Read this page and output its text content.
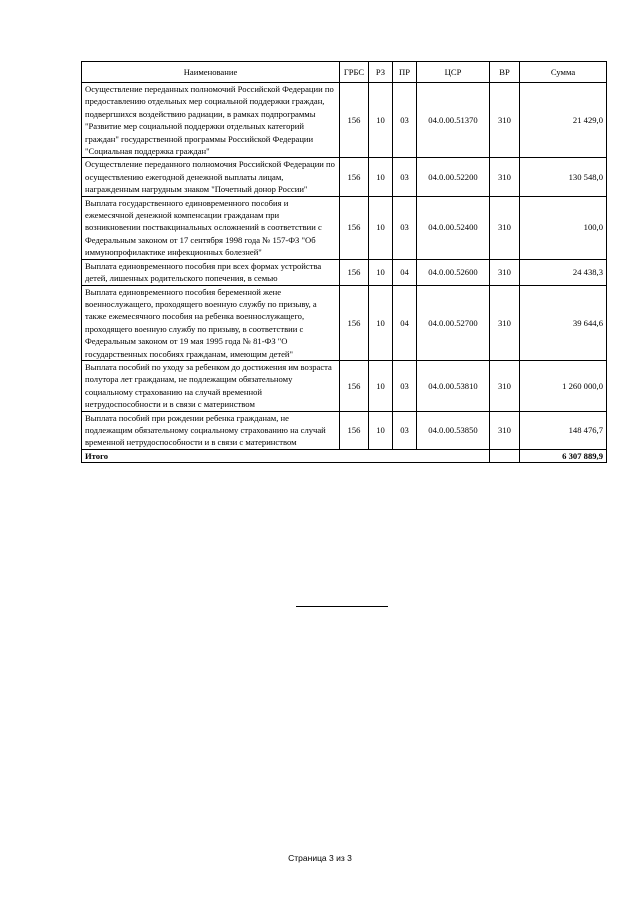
Наименование	ГРБС	РЗ	ПР	ЦСР	ВР	Сумма
Осуществление переданных полномочий Российской Федерации по предоставлению отдельных мер социальной поддержки граждан, подвергшихся воздействию радиации, в рамках подпрограммы "Развитие мер социальной поддержки отдельных категорий граждан" государственной программы Российской Федерации "Социальная поддержка граждан"	156	10	03	04.0.00.51370	310	21 429,0
Осуществление переданного полномочия Российской Федерации по осуществлению ежегодной денежной выплаты лицам, награжденным нагрудным знаком "Почетный донор России"	156	10	03	04.0.00.52200	310	130 548,0
Выплата государственного единовременного пособия и ежемесячной денежной компенсации гражданам при возникновении поствакцинальных осложнений в соответствии с Федеральным законом от 17 сентября 1998 года № 157-ФЗ "Об иммунопрофилактике инфекционных болезней"	156	10	03	04.0.00.52400	310	100,0
Выплата единовременного пособия при всех формах устройства детей, лишенных родительского попечения, в семью	156	10	04	04.0.00.52600	310	24 438,3
Выплата единовременного пособия беременной жене военнослужащего, проходящего военную службу по призыву, а также ежемесячного пособия на ребенка военнослужащего, проходящего военную службу по призыву, в соответствии с Федеральным законом от 19 мая 1995 года № 81-ФЗ "О государственных пособиях гражданам, имеющим детей"	156	10	04	04.0.00.52700	310	39 644,6
Выплата пособий по уходу за ребенком до достижения им возраста полутора лет гражданам, не подлежащим обязательному социальному страхованию на случай временной нетрудоспособности и в связи с материнством	156	10	03	04.0.00.53810	310	1 260 000,0
Выплата пособий при рождении ребенка гражданам, не подлежащим обязательному социальному страхованию на случай временной нетрудоспособности и в связи с материнством	156	10	03	04.0.00.53850	310	148 476,7
Итого						6 307 889,9
Страница 3 из 3
